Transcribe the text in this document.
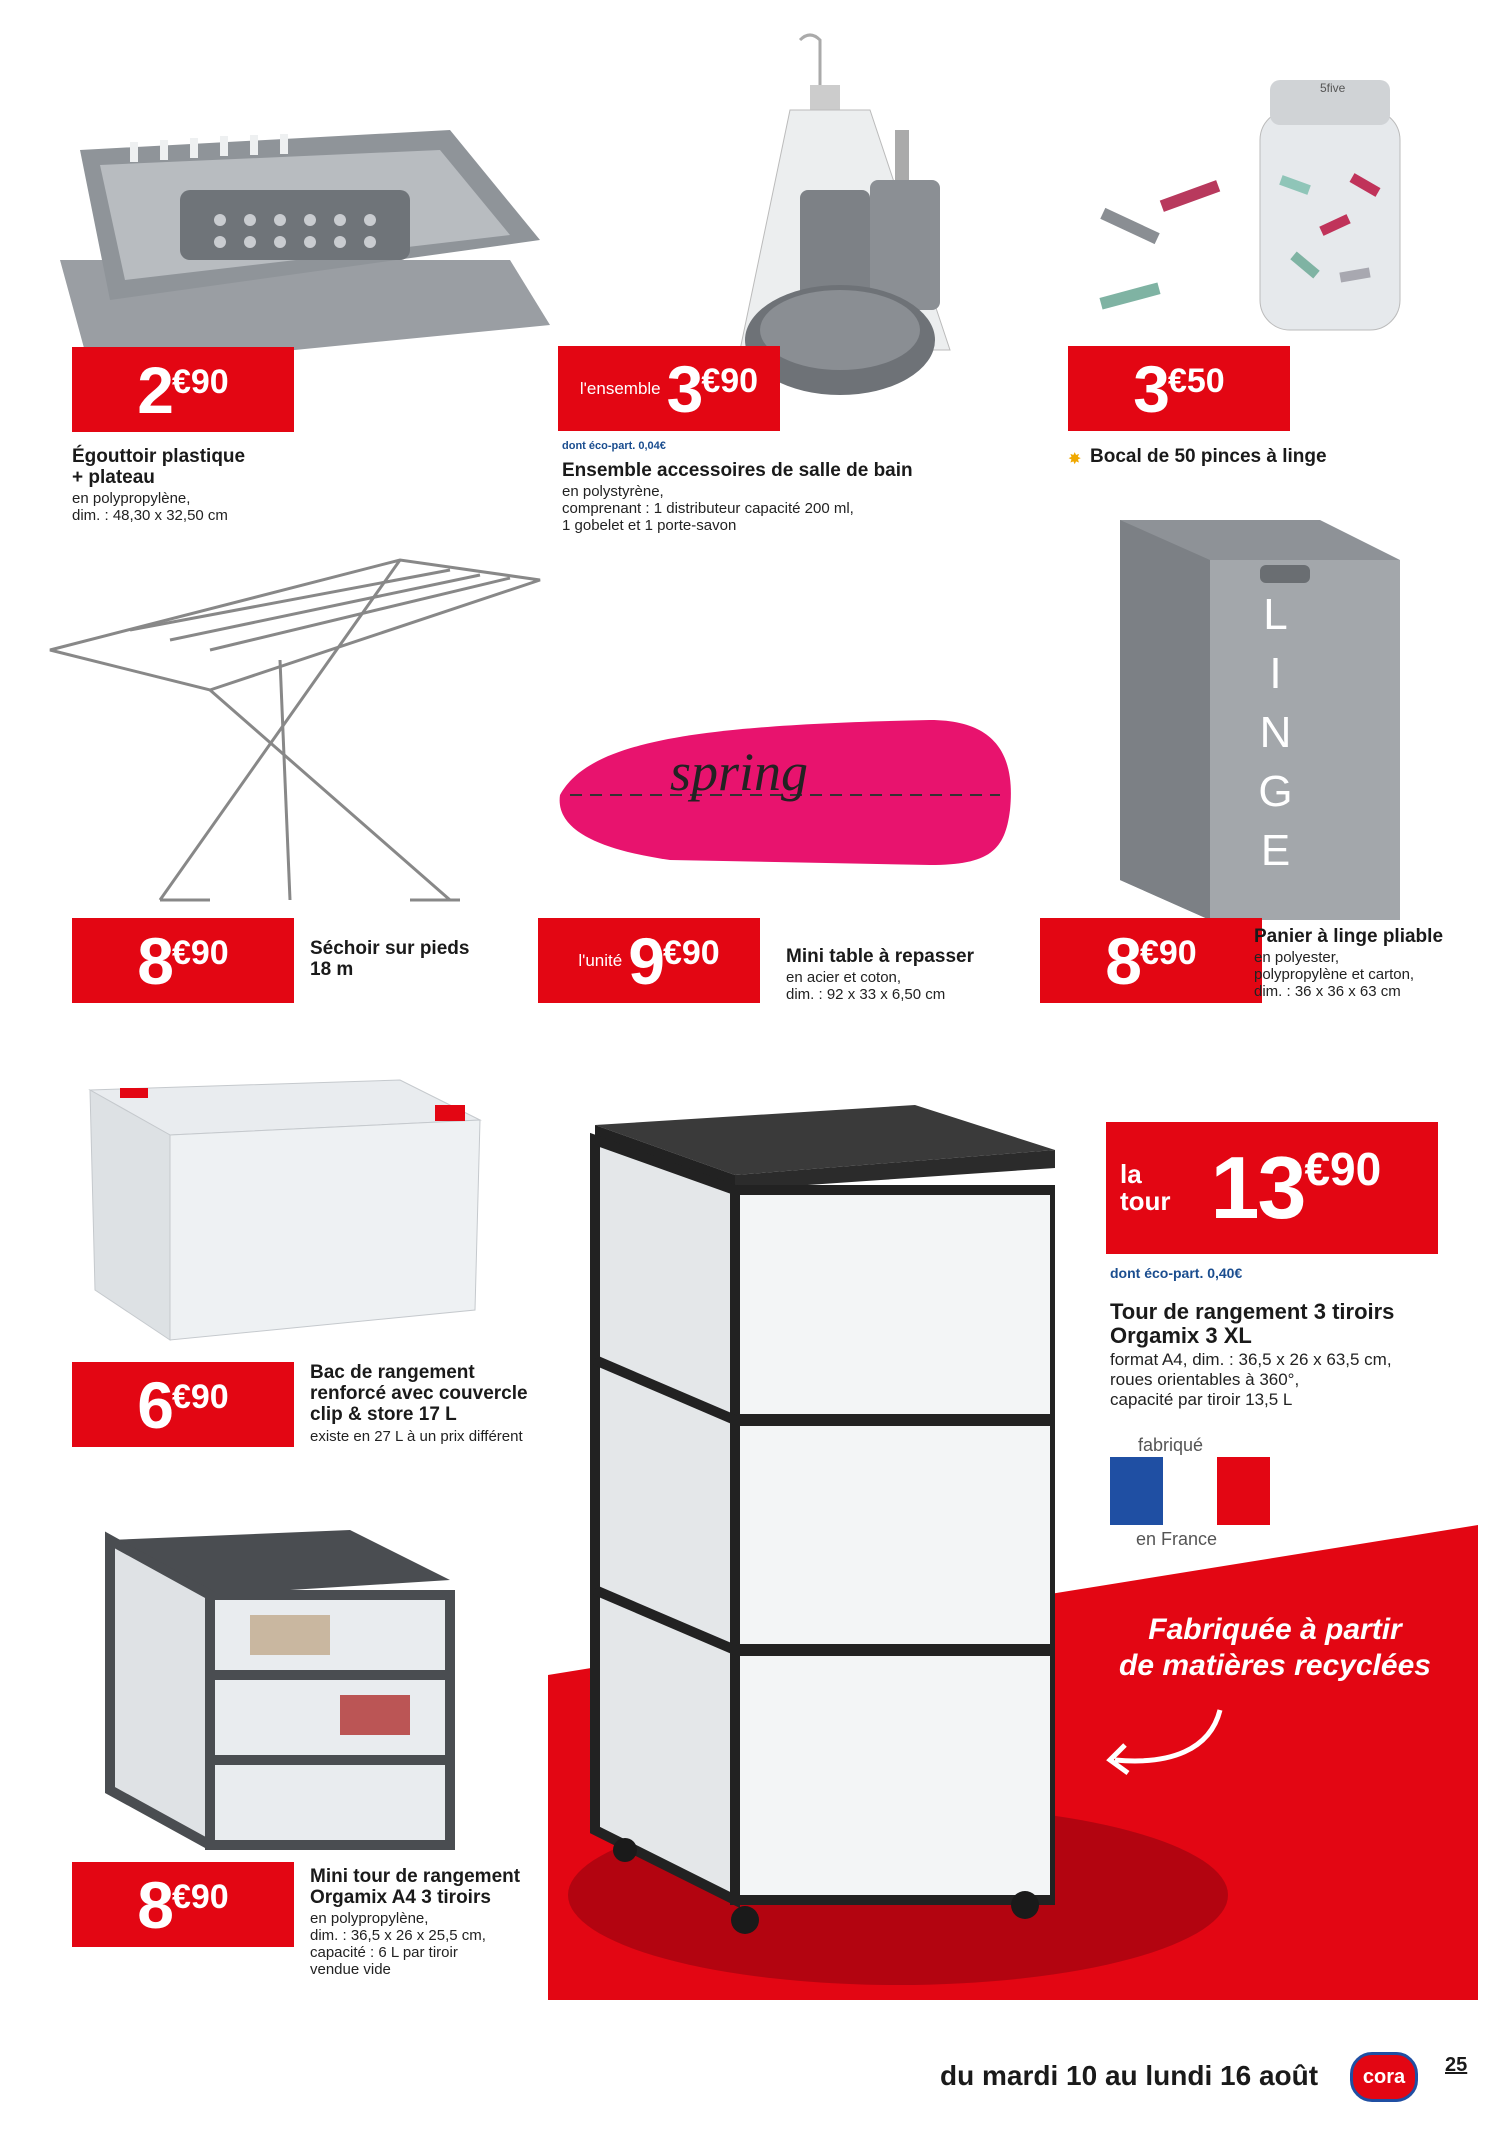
2 €90
Égouttoir plastique
+ plateau
en polypropylène,
dim. : 48,30 x 32,50 cm
l'ensemble 3 €90
dont éco-part. 0,04€
Ensemble accessoires de salle de bain
en polystyrène,
comprenant : 1 distributeur capacité 200 ml,
1 gobelet et 1 porte-savon
5five
3 €50
✸ Bocal de 50 pinces à linge
8 €90	Séchoir sur pieds
18 m
spring
l'unité 9 €90	Mini table à repasser
en acier et coton,
dim. : 92 x 33 x 6,50 cm
LINGE
8 €90	Panier à linge pliable
en polyester,
polypropylène et carton,
dim. : 36 x 36 x 63 cm
6 €90
Bac de rangement
renforcé avec couvercle
clip & store 17 L
existe en 27 L à un prix différent
la
tour 13 €90
dont éco-part. 0,40€
Tour de rangement 3 tiroirs
Orgamix 3 XL
format A4, dim. : 36,5 x 26 x 63,5 cm,
roues orientables à 360°,
capacité par tiroir 13,5 L
fabriqué
en France
Fabriquée à partir
de matières recyclées
8 €90
Mini tour de rangement
Orgamix A4 3 tiroirs
en polypropylène,
dim. : 36,5 x 26 x 25,5 cm,
capacité : 6 L par tiroir
vendue vide
du mardi 10 au lundi 16 août cora
25
